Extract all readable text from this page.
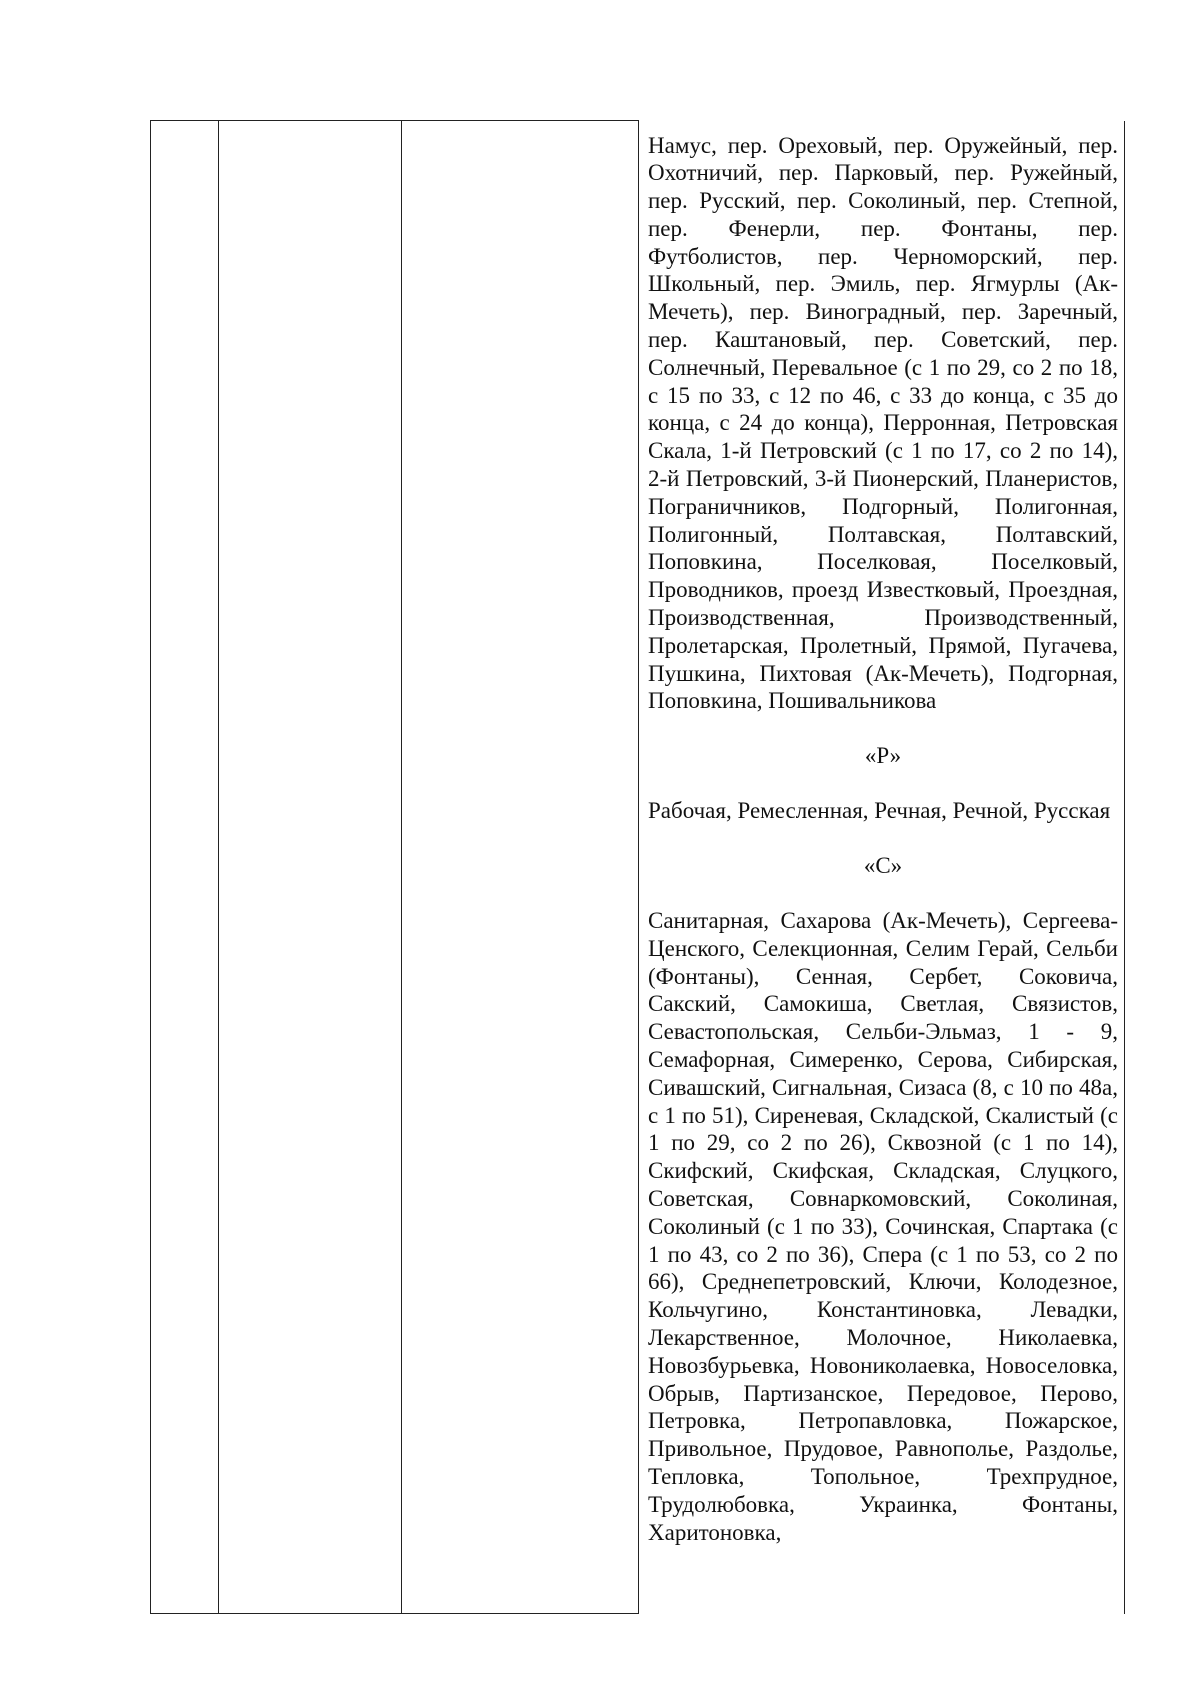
Намус, пер. Ореховый, пер. Оружейный, пер. Охотничий, пер. Парковый, пер. Ружейный, пер. Русский, пер. Соколиный, пер. Степной, пер. Фенерли, пер. Фонтаны, пер. Футболистов, пер. Черноморский, пер. Школьный, пер. Эмиль, пер. Ягмурлы (Ак-Мечеть), пер. Виноградный, пер. Заречный, пер. Каштановый, пер. Советский, пер. Солнечный, Перевальное (с 1 по 29, со 2 по 18, с 15 по 33, с 12 по 46, с 33 до конца, с 35 до конца, с 24 до конца), Перронная, Петровская Скала, 1-й Петровский (с 1 по 17, со 2 по 14), 2-й Петровский, 3-й Пионерский, Планеристов, Пограничников, Подгорный, Полигонная, Полигонный, Полтавская, Полтавский, Поповкина, Поселковая, Поселковый, Проводников, проезд Известковый, Проездная, Производственная, Производственный, Пролетарская, Пролетный, Прямой, Пугачева, Пушкина, Пихтовая (Ак-Мечеть), Подгорная, Поповкина, Пошивальникова

«Р»

Рабочая, Ремесленная, Речная, Речной, Русская

«С»

Санитарная, Сахарова (Ак-Мечеть), Сергеева-Ценского, Селекционная, Селим Герай, Сельби (Фонтаны), Сенная, Сербет, Соковича, Сакский, Самокиша, Светлая, Связистов, Севастопольская, Сельби-Эльмаз, 1 - 9, Семафорная, Симеренко, Серова, Сибирская, Сивашский, Сигнальная, Сизаса (8, с 10 по 48а, с 1 по 51), Сиреневая, Складской, Скалистый (с 1 по 29, со 2 по 26), Сквозной (с 1 по 14), Скифский, Скифская, Складская, Слуцкого, Советская, Совнаркомовский, Соколиная, Соколиный (с 1 по 33), Сочинская, Спартака (с 1 по 43, со 2 по 36), Спера (с 1 по 53, со 2 по 66), Среднепетровский, Ключи, Колодезное, Кольчугино, Константиновка, Левадки, Лекарственное, Молочное, Николаевка, Новозбурьевка, Новониколаевка, Новоселовка, Обрыв, Партизанское, Передовое, Перово, Петровка, Петропавловка, Пожарское, Привольное, Прудовое, Равнополье, Раздолье, Тепловка, Топольное, Трехпрудное, Трудолюбовка, Украинка, Фонтаны, Харитоновка,
